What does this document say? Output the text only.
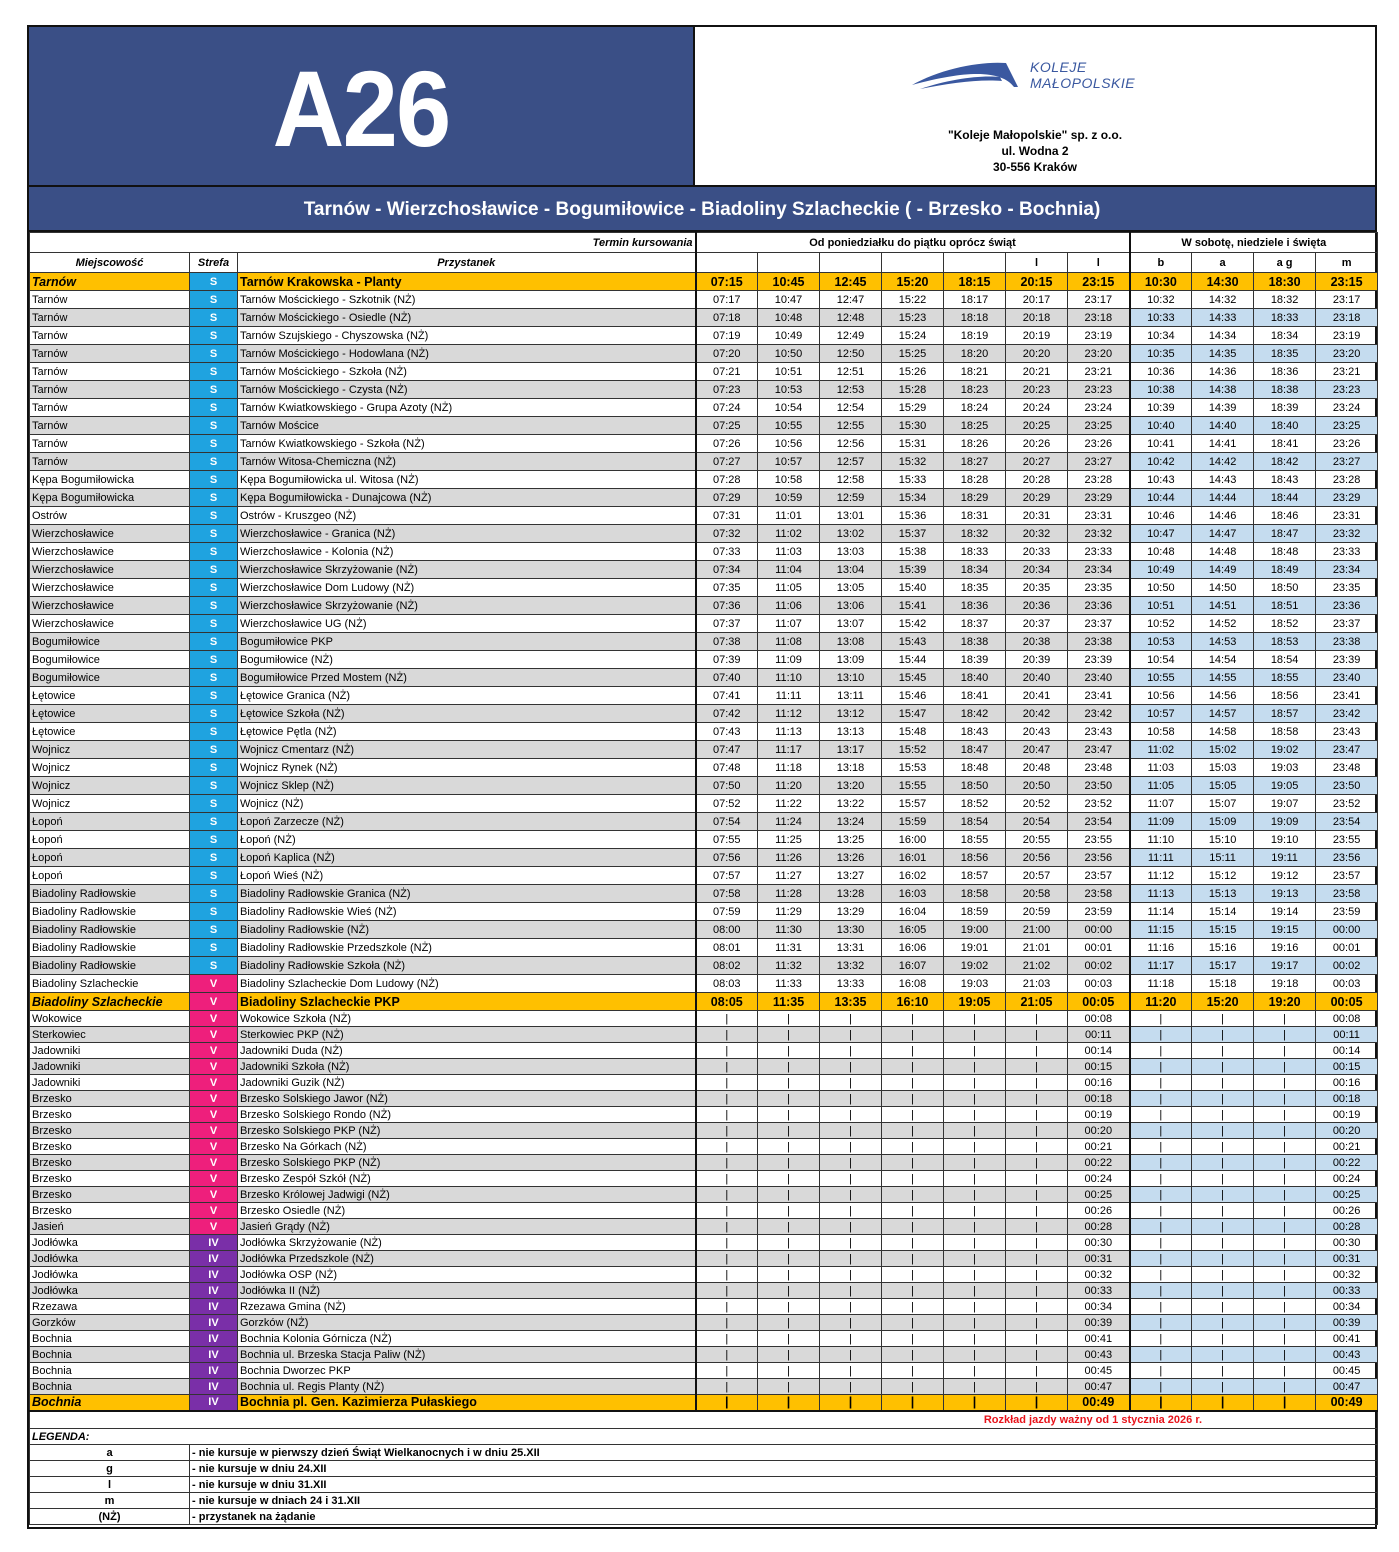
A26	KOLEJE
MAŁOPOLSKIE
"Koleje Małopolskie" sp. z o.o.
ul. Wodna 2
30-556 Kraków
Tarnów - Wierzchosławice - Bogumiłowice - Biadoliny Szlacheckie ( - Brzesko - Bochnia)
Termin kursowania			Od poniedziałku do piątku oprócz świąt							W sobotę, niedziele i święta			
Miejscowość	Strefa	Przystanek						l	l	b	a	a g	m
Tarnów	S	Tarnów Krakowska - Planty	07:15	10:45	12:45	15:20	18:15	20:15	23:15	10:30	14:30	18:30	23:15
Tarnów	S	Tarnów Mościckiego - Szkotnik (NŻ)	07:17	10:47	12:47	15:22	18:17	20:17	23:17	10:32	14:32	18:32	23:17
Tarnów	S	Tarnów Mościckiego - Osiedle (NŻ)	07:18	10:48	12:48	15:23	18:18	20:18	23:18	10:33	14:33	18:33	23:18
Tarnów	S	Tarnów Szujskiego - Chyszowska (NŻ)	07:19	10:49	12:49	15:24	18:19	20:19	23:19	10:34	14:34	18:34	23:19
Tarnów	S	Tarnów Mościckiego - Hodowlana (NŻ)	07:20	10:50	12:50	15:25	18:20	20:20	23:20	10:35	14:35	18:35	23:20
Tarnów	S	Tarnów Mościckiego - Szkoła (NŻ)	07:21	10:51	12:51	15:26	18:21	20:21	23:21	10:36	14:36	18:36	23:21
Tarnów	S	Tarnów Mościckiego - Czysta (NŻ)	07:23	10:53	12:53	15:28	18:23	20:23	23:23	10:38	14:38	18:38	23:23
Tarnów	S	Tarnów Kwiatkowskiego - Grupa Azoty (NŻ)	07:24	10:54	12:54	15:29	18:24	20:24	23:24	10:39	14:39	18:39	23:24
Tarnów	S	Tarnów Mościce	07:25	10:55	12:55	15:30	18:25	20:25	23:25	10:40	14:40	18:40	23:25
Tarnów	S	Tarnów Kwiatkowskiego - Szkoła (NŻ)	07:26	10:56	12:56	15:31	18:26	20:26	23:26	10:41	14:41	18:41	23:26
Tarnów	S	Tarnów Witosa-Chemiczna (NŻ)	07:27	10:57	12:57	15:32	18:27	20:27	23:27	10:42	14:42	18:42	23:27
Kępa Bogumiłowicka	S	Kępa Bogumiłowicka ul. Witosa (NŻ)	07:28	10:58	12:58	15:33	18:28	20:28	23:28	10:43	14:43	18:43	23:28
Kępa Bogumiłowicka	S	Kępa Bogumiłowicka - Dunajcowa (NŻ)	07:29	10:59	12:59	15:34	18:29	20:29	23:29	10:44	14:44	18:44	23:29
Ostrów	S	Ostrów - Kruszgeo (NŻ)	07:31	11:01	13:01	15:36	18:31	20:31	23:31	10:46	14:46	18:46	23:31
Wierzchosławice	S	Wierzchosławice - Granica (NŻ)	07:32	11:02	13:02	15:37	18:32	20:32	23:32	10:47	14:47	18:47	23:32
Wierzchosławice	S	Wierzchosławice - Kolonia (NŻ)	07:33	11:03	13:03	15:38	18:33	20:33	23:33	10:48	14:48	18:48	23:33
Wierzchosławice	S	Wierzchosławice Skrzyżowanie (NŻ)	07:34	11:04	13:04	15:39	18:34	20:34	23:34	10:49	14:49	18:49	23:34
Wierzchosławice	S	Wierzchosławice Dom Ludowy (NŻ)	07:35	11:05	13:05	15:40	18:35	20:35	23:35	10:50	14:50	18:50	23:35
Wierzchosławice	S	Wierzchosławice Skrzyżowanie (NŻ)	07:36	11:06	13:06	15:41	18:36	20:36	23:36	10:51	14:51	18:51	23:36
Wierzchosławice	S	Wierzchosławice UG (NŻ)	07:37	11:07	13:07	15:42	18:37	20:37	23:37	10:52	14:52	18:52	23:37
Bogumiłowice	S	Bogumiłowice PKP	07:38	11:08	13:08	15:43	18:38	20:38	23:38	10:53	14:53	18:53	23:38
Bogumiłowice	S	Bogumiłowice (NŻ)	07:39	11:09	13:09	15:44	18:39	20:39	23:39	10:54	14:54	18:54	23:39
Bogumiłowice	S	Bogumiłowice Przed Mostem (NŻ)	07:40	11:10	13:10	15:45	18:40	20:40	23:40	10:55	14:55	18:55	23:40
Łętowice	S	Łętowice Granica (NŻ)	07:41	11:11	13:11	15:46	18:41	20:41	23:41	10:56	14:56	18:56	23:41
Łętowice	S	Łętowice Szkoła (NŻ)	07:42	11:12	13:12	15:47	18:42	20:42	23:42	10:57	14:57	18:57	23:42
Łętowice	S	Łętowice Pętla (NŻ)	07:43	11:13	13:13	15:48	18:43	20:43	23:43	10:58	14:58	18:58	23:43
Wojnicz	S	Wojnicz Cmentarz (NŻ)	07:47	11:17	13:17	15:52	18:47	20:47	23:47	11:02	15:02	19:02	23:47
Wojnicz	S	Wojnicz Rynek (NŻ)	07:48	11:18	13:18	15:53	18:48	20:48	23:48	11:03	15:03	19:03	23:48
Wojnicz	S	Wojnicz Sklep (NŻ)	07:50	11:20	13:20	15:55	18:50	20:50	23:50	11:05	15:05	19:05	23:50
Wojnicz	S	Wojnicz (NŻ)	07:52	11:22	13:22	15:57	18:52	20:52	23:52	11:07	15:07	19:07	23:52
Łopoń	S	Łopoń Zarzecze (NŻ)	07:54	11:24	13:24	15:59	18:54	20:54	23:54	11:09	15:09	19:09	23:54
Łopoń	S	Łopoń (NŻ)	07:55	11:25	13:25	16:00	18:55	20:55	23:55	11:10	15:10	19:10	23:55
Łopoń	S	Łopoń Kaplica (NŻ)	07:56	11:26	13:26	16:01	18:56	20:56	23:56	11:11	15:11	19:11	23:56
Łopoń	S	Łopoń Wieś (NŻ)	07:57	11:27	13:27	16:02	18:57	20:57	23:57	11:12	15:12	19:12	23:57
Biadoliny Radłowskie	S	Biadoliny Radłowskie Granica (NŻ)	07:58	11:28	13:28	16:03	18:58	20:58	23:58	11:13	15:13	19:13	23:58
Biadoliny Radłowskie	S	Biadoliny Radłowskie Wieś (NŻ)	07:59	11:29	13:29	16:04	18:59	20:59	23:59	11:14	15:14	19:14	23:59
Biadoliny Radłowskie	S	Biadoliny Radłowskie (NŻ)	08:00	11:30	13:30	16:05	19:00	21:00	00:00	11:15	15:15	19:15	00:00
Biadoliny Radłowskie	S	Biadoliny Radłowskie Przedszkole (NŻ)	08:01	11:31	13:31	16:06	19:01	21:01	00:01	11:16	15:16	19:16	00:01
Biadoliny Radłowskie	S	Biadoliny Radłowskie Szkoła (NŻ)	08:02	11:32	13:32	16:07	19:02	21:02	00:02	11:17	15:17	19:17	00:02
Biadoliny Szlacheckie	V	Biadoliny Szlacheckie Dom Ludowy (NŻ)	08:03	11:33	13:33	16:08	19:03	21:03	00:03	11:18	15:18	19:18	00:03
Biadoliny Szlacheckie	V	Biadoliny Szlacheckie PKP	08:05	11:35	13:35	16:10	19:05	21:05	00:05	11:20	15:20	19:20	00:05
Wokowice	V	Wokowice Szkoła (NŻ)	|	|	|	|	|	|	00:08	|	|	|	00:08
Sterkowiec	V	Sterkowiec PKP (NŻ)	|	|	|	|	|	|	00:11	|	|	|	00:11
Jadowniki	V	Jadowniki Duda (NŻ)	|	|	|	|	|	|	00:14	|	|	|	00:14
Jadowniki	V	Jadowniki Szkoła (NŻ)	|	|	|	|	|	|	00:15	|	|	|	00:15
Jadowniki	V	Jadowniki Guzik (NŻ)	|	|	|	|	|	|	00:16	|	|	|	00:16
Brzesko	V	Brzesko Solskiego Jawor (NŻ)	|	|	|	|	|	|	00:18	|	|	|	00:18
Brzesko	V	Brzesko Solskiego Rondo (NŻ)	|	|	|	|	|	|	00:19	|	|	|	00:19
Brzesko	V	Brzesko Solskiego PKP (NŻ)	|	|	|	|	|	|	00:20	|	|	|	00:20
Brzesko	V	Brzesko Na Górkach (NŻ)	|	|	|	|	|	|	00:21	|	|	|	00:21
Brzesko	V	Brzesko Solskiego PKP (NŻ)	|	|	|	|	|	|	00:22	|	|	|	00:22
Brzesko	V	Brzesko Zespół Szkół (NŻ)	|	|	|	|	|	|	00:24	|	|	|	00:24
Brzesko	V	Brzesko Królowej Jadwigi (NŻ)	|	|	|	|	|	|	00:25	|	|	|	00:25
Brzesko	V	Brzesko Osiedle (NŻ)	|	|	|	|	|	|	00:26	|	|	|	00:26
Jasień	V	Jasień Grądy (NŻ)	|	|	|	|	|	|	00:28	|	|	|	00:28
Jodłówka	IV	Jodłówka Skrzyżowanie (NŻ)	|	|	|	|	|	|	00:30	|	|	|	00:30
Jodłówka	IV	Jodłówka Przedszkole (NŻ)	|	|	|	|	|	|	00:31	|	|	|	00:31
Jodłówka	IV	Jodłówka OSP (NŻ)	|	|	|	|	|	|	00:32	|	|	|	00:32
Jodłówka	IV	Jodłówka II (NŻ)	|	|	|	|	|	|	00:33	|	|	|	00:33
Rzezawa	IV	Rzezawa Gmina (NŻ)	|	|	|	|	|	|	00:34	|	|	|	00:34
Gorzków	IV	Gorzków (NŻ)	|	|	|	|	|	|	00:39	|	|	|	00:39
Bochnia	IV	Bochnia Kolonia Górnicza (NŻ)	|	|	|	|	|	|	00:41	|	|	|	00:41
Bochnia	IV	Bochnia ul. Brzeska Stacja Paliw (NŻ)	|	|	|	|	|	|	00:43	|	|	|	00:43
Bochnia	IV	Bochnia Dworzec PKP	|	|	|	|	|	|	00:45	|	|	|	00:45
Bochnia	IV	Bochnia ul. Regis Planty (NŻ)	|	|	|	|	|	|	00:47	|	|	|	00:47
Bochnia	IV	Bochnia pl. Gen. Kazimierza Pułaskiego	|	|	|	|	|	|	00:49	|	|	|	00:49
Rozkład jazdy ważny od 1 stycznia 2026 r.													
LEGENDA:													
a	- nie kursuje w pierwszy dzień Świąt Wielkanocnych i w dniu 25.XII												
g	- nie kursuje w dniu 24.XII												
l	- nie kursuje w dniu 31.XII												
m	- nie kursuje w dniach 24 i 31.XII												
(NŻ)	- przystanek na żądanie												
